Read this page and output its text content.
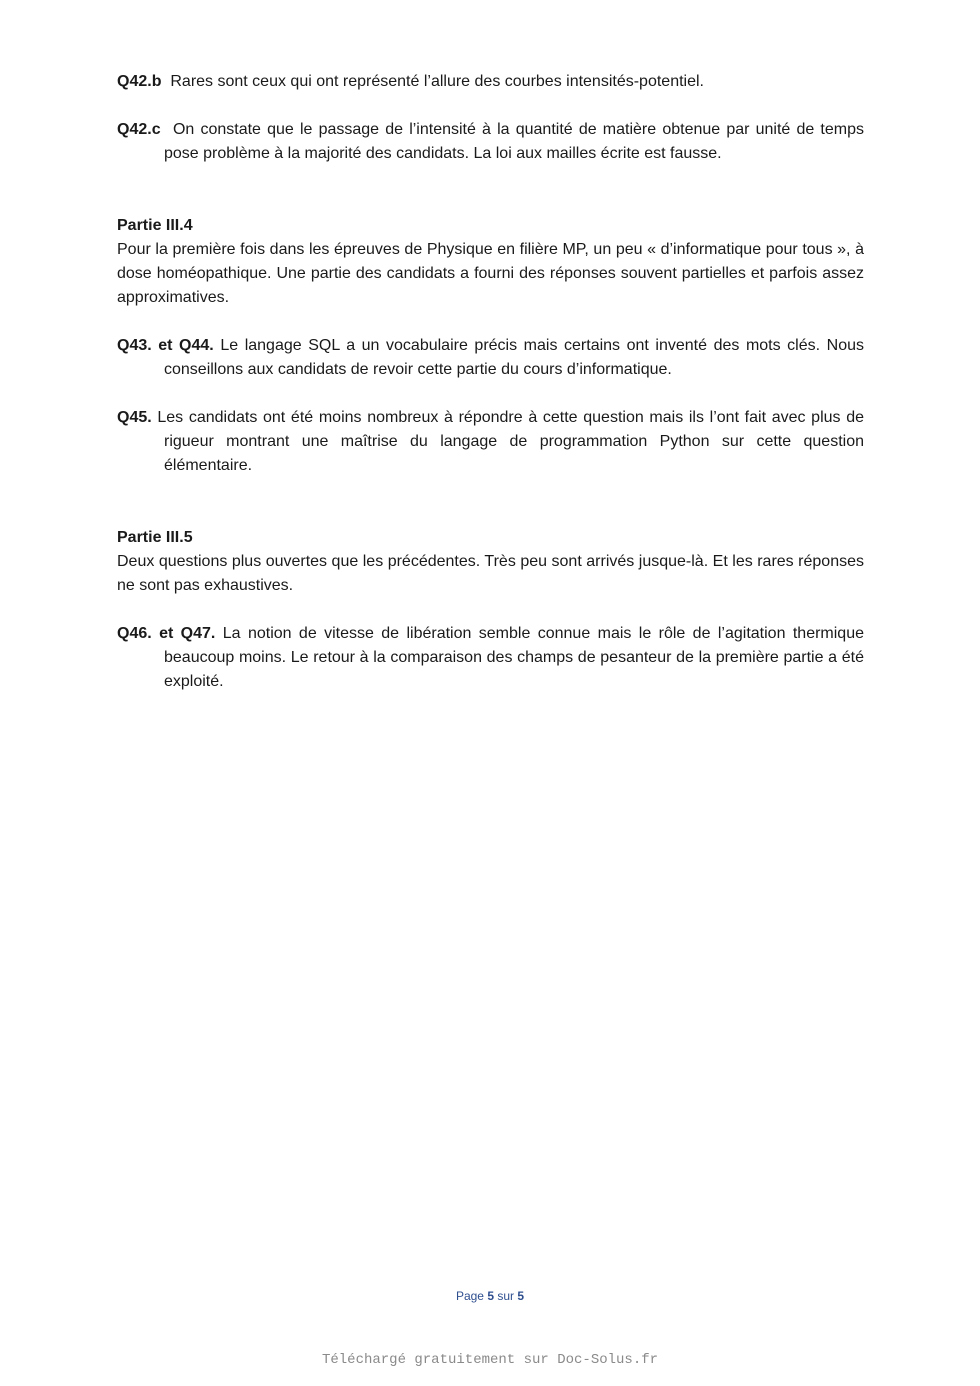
Q42.b Rares sont ceux qui ont représenté l’allure des courbes intensités-potentiel.

Q42.c On constate que le passage de l’intensité à la quantité de matière obtenue par unité de temps pose problème à la majorité des candidats. La loi aux mailles écrite est fausse.

Partie III.4

Pour la première fois dans les épreuves de Physique en filière MP, un peu « d’informatique pour tous », à dose homéopathique. Une partie des candidats a fourni des réponses souvent partielles et parfois assez approximatives.

Q43. et Q44. Le langage SQL a un vocabulaire précis mais certains ont inventé des mots clés. Nous conseillons aux candidats de revoir cette partie du cours d’informatique.

Q45. Les candidats ont été moins nombreux à répondre à cette question mais ils l’ont fait avec plus de rigueur montrant une maîtrise du langage de programmation Python sur cette question élémentaire.

Partie III.5

Deux questions plus ouvertes que les précédentes. Très peu sont arrivés jusque-là. Et les rares réponses ne sont pas exhaustives.

Q46. et Q47. La notion de vitesse de libération semble connue mais le rôle de l’agitation thermique beaucoup moins. Le retour à la comparaison des champs de pesanteur de la première partie a été exploité.

Page 5 sur 5
Téléchargé gratuitement sur Doc-Solus.fr
